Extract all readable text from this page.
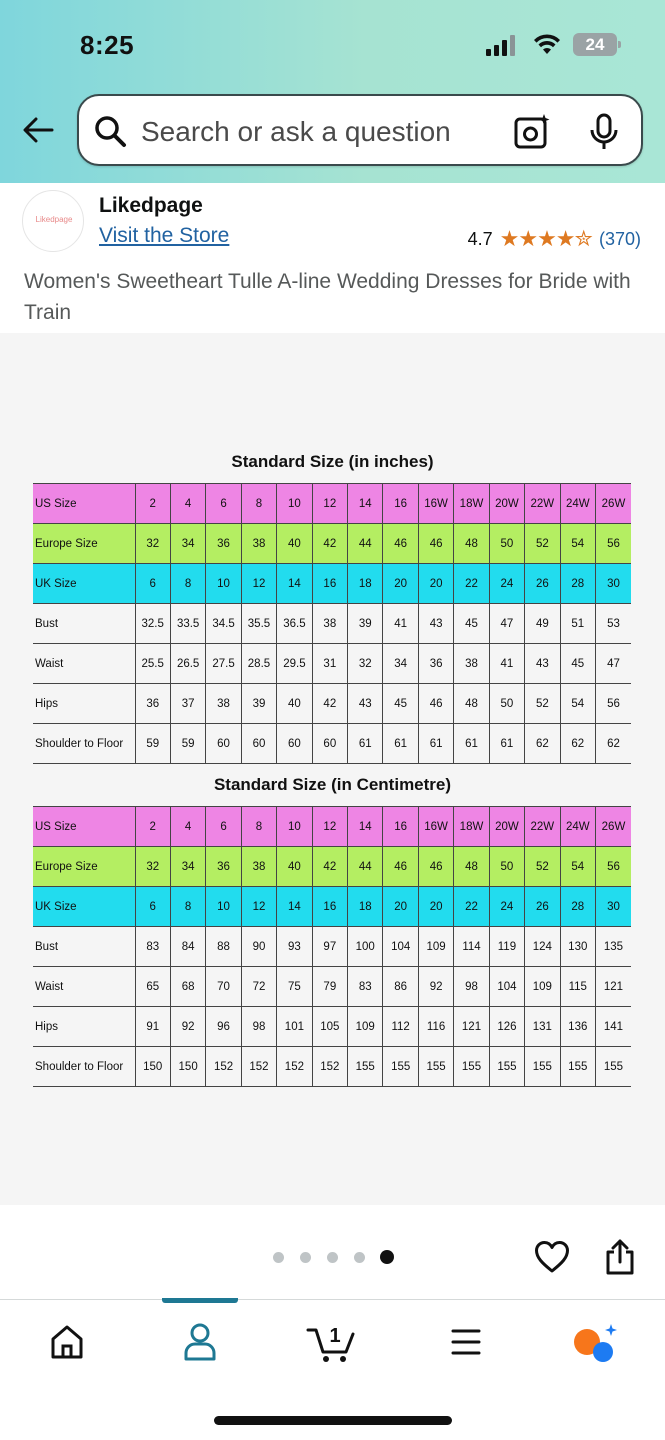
8:25	24
Search or ask a question
Likedpage
Likedpage
Visit the Store	4.7 ★★★★✮ (370)
Women's Sweetheart Tulle A-line Wedding Dresses for Bride with Train
Standard Size (in inches)
US Size	2	4	6	8	10	12	14	16	16W	18W	20W	22W	24W	26W
Europe Size	32	34	36	38	40	42	44	46	46	48	50	52	54	56
UK Size	6	8	10	12	14	16	18	20	20	22	24	26	28	30
Bust	32.5	33.5	34.5	35.5	36.5	38	39	41	43	45	47	49	51	53
Waist	25.5	26.5	27.5	28.5	29.5	31	32	34	36	38	41	43	45	47
Hips	36	37	38	39	40	42	43	45	46	48	50	52	54	56
Shoulder to Floor	59	59	60	60	60	60	61	61	61	61	61	62	62	62
Standard Size (in Centimetre)
US Size	2	4	6	8	10	12	14	16	16W	18W	20W	22W	24W	26W
Europe Size	32	34	36	38	40	42	44	46	46	48	50	52	54	56
UK Size	6	8	10	12	14	16	18	20	20	22	24	26	28	30
Bust	83	84	88	90	93	97	100	104	109	114	119	124	130	135
Waist	65	68	70	72	75	79	83	86	92	98	104	109	115	121
Hips	91	92	96	98	101	105	109	112	116	121	126	131	136	141
Shoulder to Floor	150	150	152	152	152	152	155	155	155	155	155	155	155	155
1
